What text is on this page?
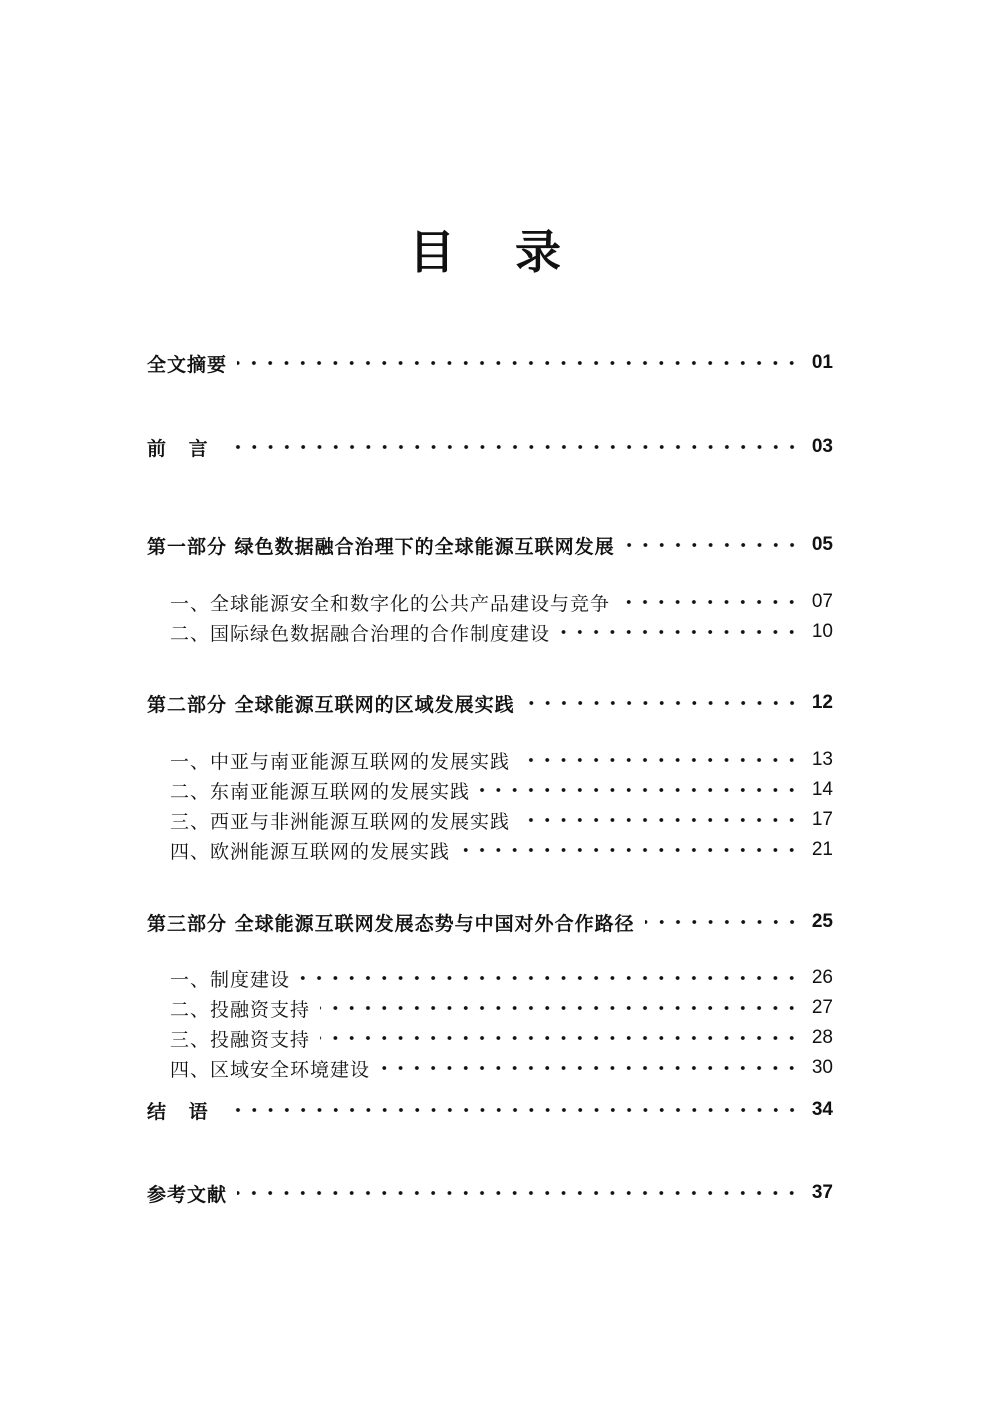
目 录
全文摘要	01
前 言	03
第一部分 绿色数据融合治理下的全球能源互联网发展	05
一、全球能源安全和数字化的公共产品建设与竞争	07
二、国际绿色数据融合治理的合作制度建设	10
第二部分 全球能源互联网的区域发展实践	12
一、中亚与南亚能源互联网的发展实践	13
二、东南亚能源互联网的发展实践	14
三、西亚与非洲能源互联网的发展实践	17
四、欧洲能源互联网的发展实践	21
第三部分 全球能源互联网发展态势与中国对外合作路径	25
一、制度建设	26
二、投融资支持	27
三、投融资支持	28
四、区域安全环境建设	30
结 语	34
参考文献	37
